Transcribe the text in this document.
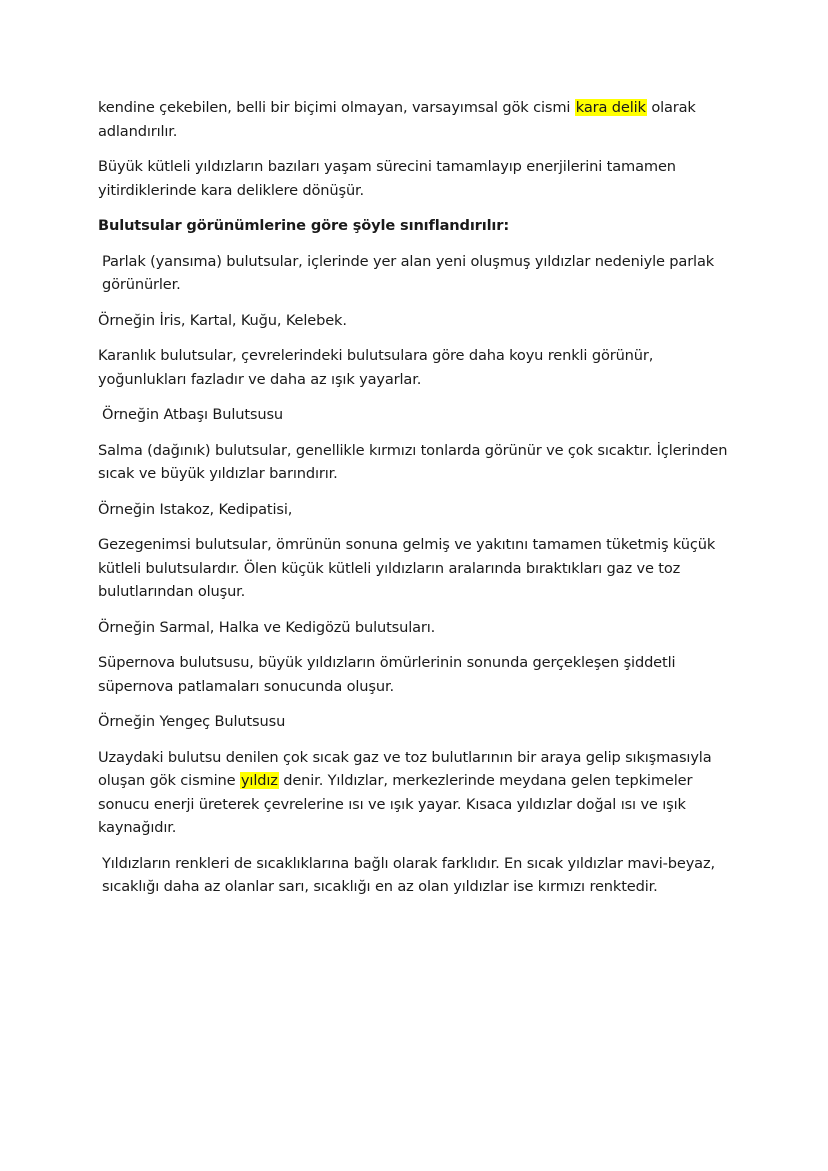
kendine çekebilen, belli bir biçimi olmayan, varsayımsal gök cismi kara delik olarak adlandırılır.

Büyük kütleli yıldızların bazıları yaşam sürecini tamamlayıp enerjilerini tamamen yitirdiklerinde kara deliklere dönüşür.

Bulutsular görünümlerine göre şöyle sınıflandırılır:

Parlak (yansıma) bulutsular, içlerinde yer alan yeni oluşmuş yıldızlar nedeniyle parlak görünürler.

Örneğin İris, Kartal, Kuğu, Kelebek.

Karanlık bulutsular, çevrelerindeki bulutsulara göre daha koyu renkli görünür, yoğunlukları fazladır ve daha az ışık yayarlar.

Örneğin Atbaşı Bulutsusu

Salma (dağınık) bulutsular, genellikle kırmızı tonlarda görünür ve çok sıcaktır. İçlerinden sıcak ve büyük yıldızlar barındırır.

Örneğin Istakoz, Kedipatisi,

Gezegenimsi bulutsular, ömrünün sonuna gelmiş ve yakıtını tamamen tüketmiş küçük kütleli bulutsulardır. Ölen küçük kütleli yıldızların aralarında bıraktıkları gaz ve toz bulutlarından oluşur.

Örneğin Sarmal, Halka ve Kedigözü bulutsuları.

Süpernova bulutsusu, büyük yıldızların ömürlerinin sonunda gerçekleşen şiddetli süpernova patlamaları sonucunda oluşur.

Örneğin Yengeç Bulutsusu

Uzaydaki bulutsu denilen çok sıcak gaz ve toz bulutlarının bir araya gelip sıkışmasıyla oluşan gök cismine yıldız denir. Yıldızlar, merkezlerinde meydana gelen tepkimeler sonucu enerji üreterek çevrelerine ısı ve ışık yayar. Kısaca yıldızlar doğal ısı ve ışık kaynağıdır.

Yıldızların renkleri de sıcaklıklarına bağlı olarak farklıdır. En sıcak yıldızlar mavi-beyaz, sıcaklığı daha az olanlar sarı, sıcaklığı en az olan yıldızlar ise kırmızı renktedir.
